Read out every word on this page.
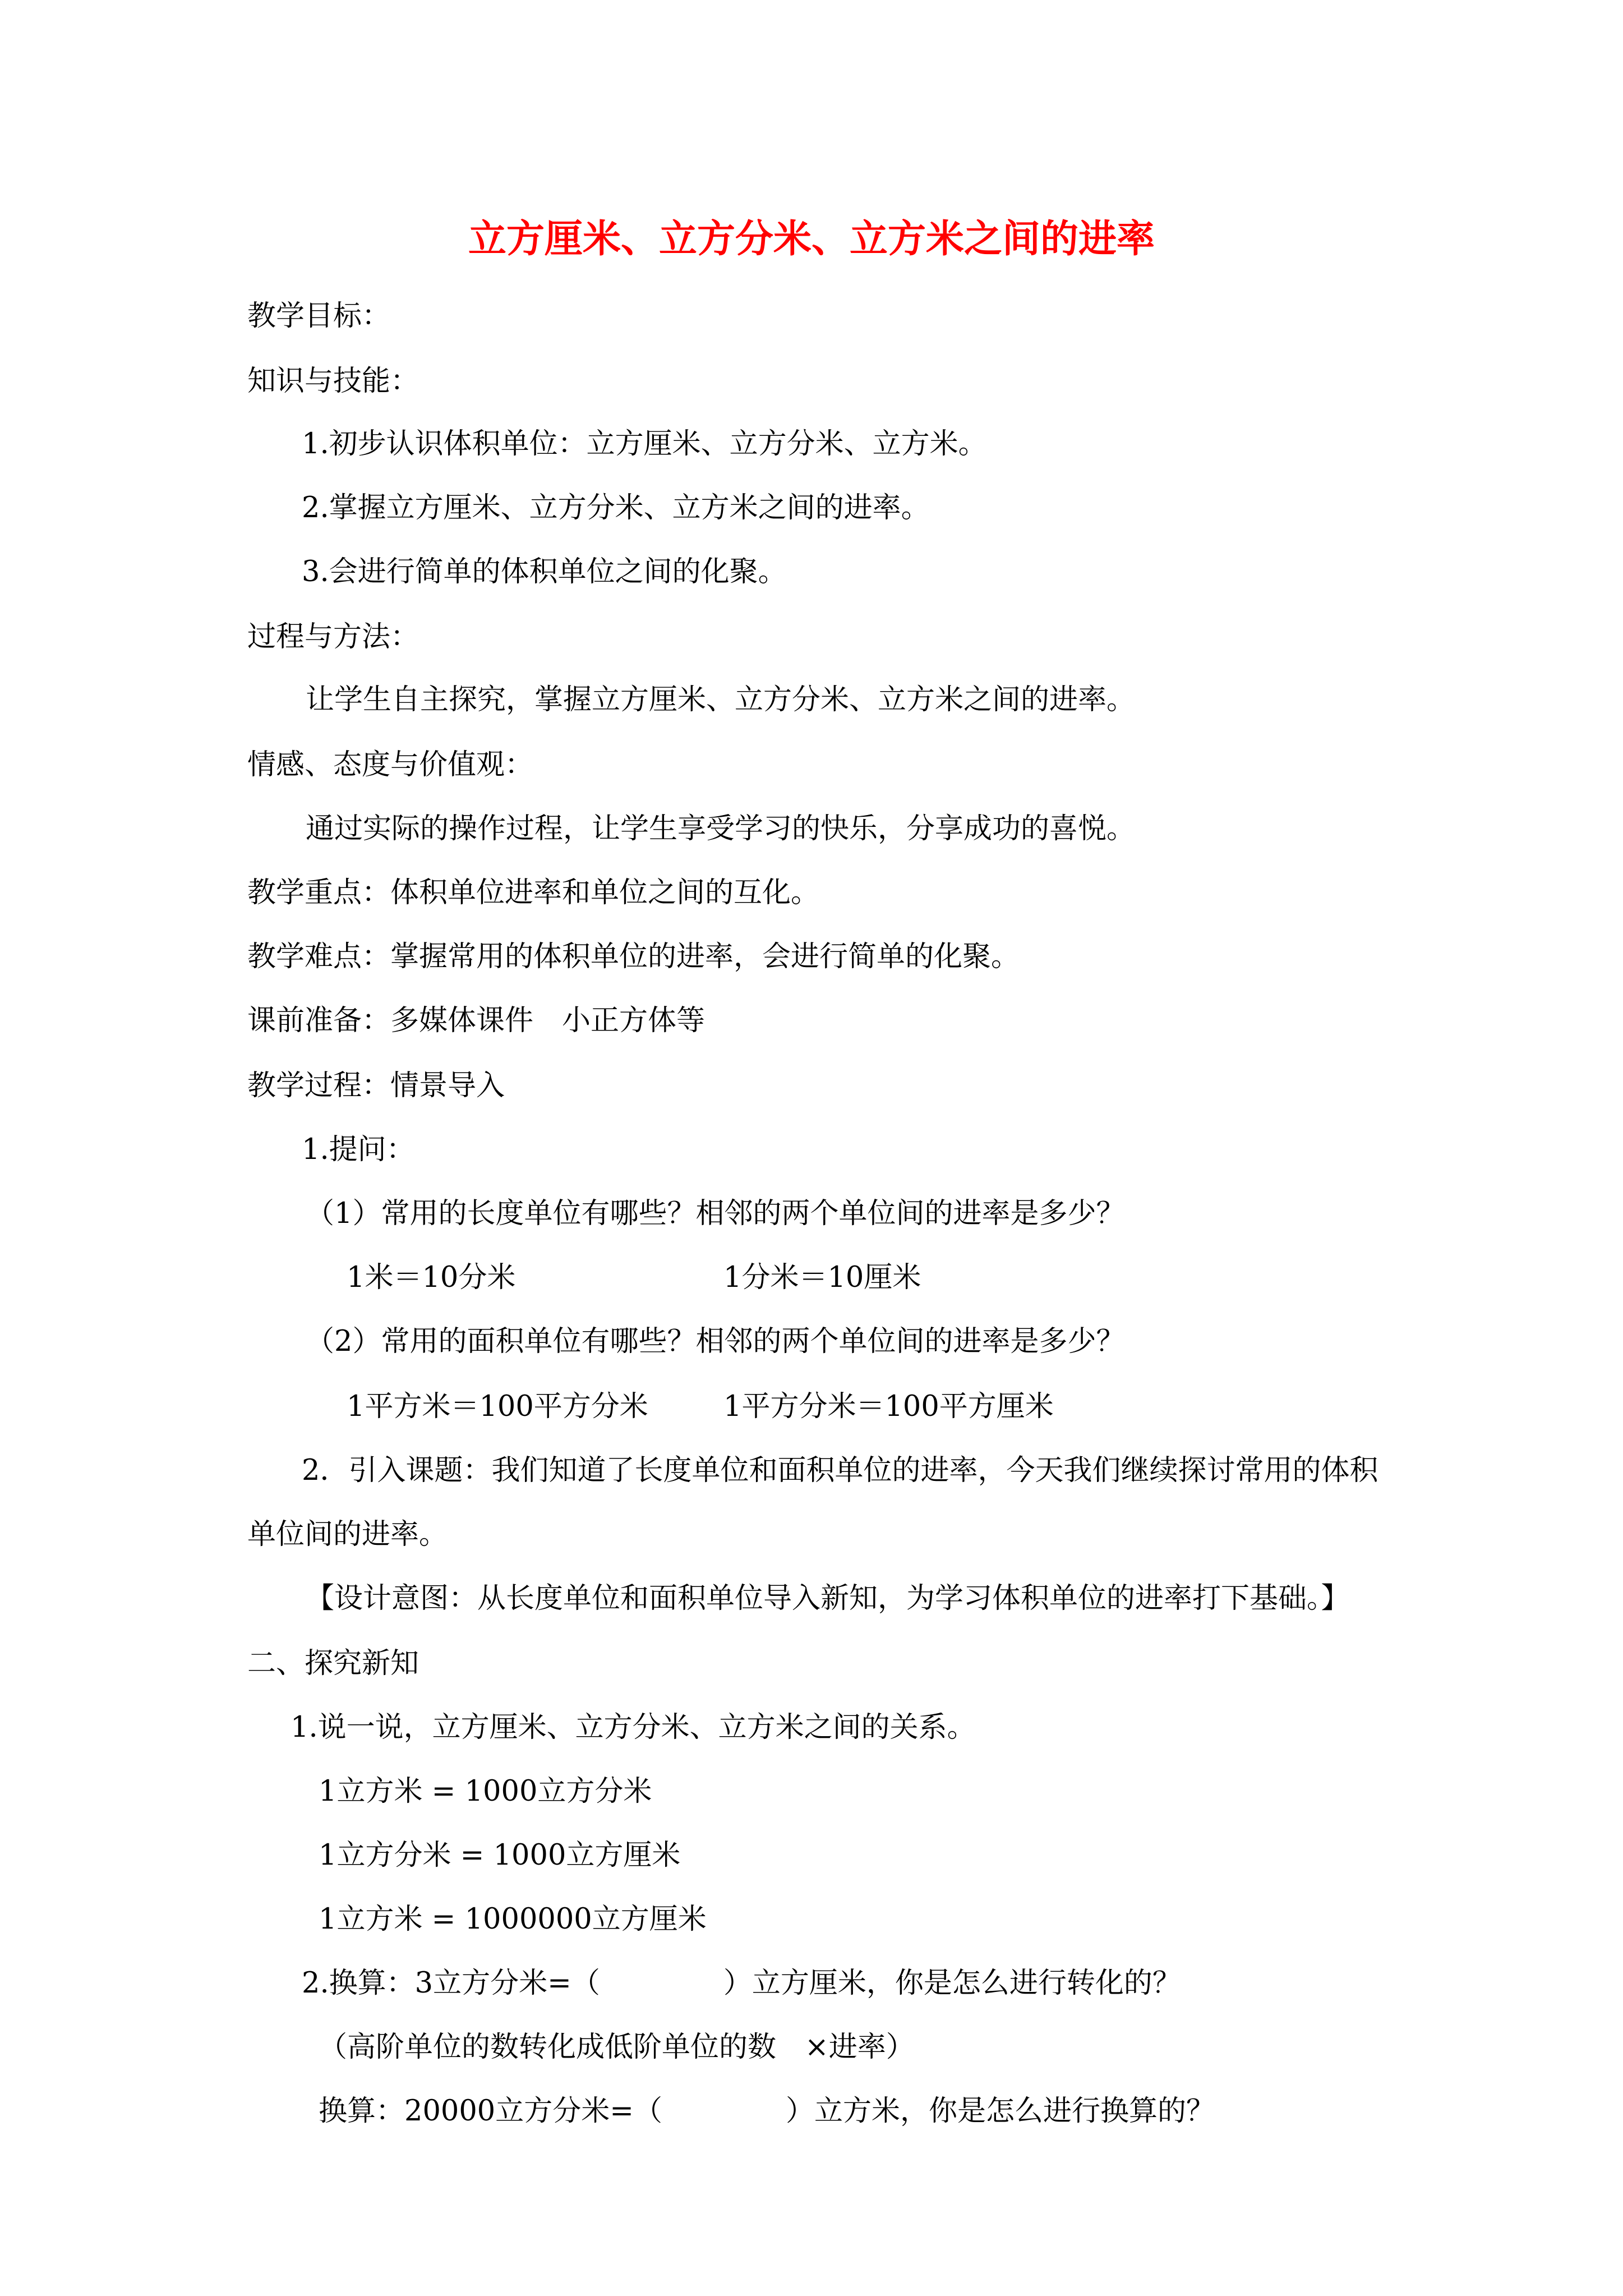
立方厘米、立方分米、立方米之间的进率
教学目标：
知识与技能：
1.初步认识体积单位：立方厘米、立方分米、立方米。
2.掌握立方厘米、立方分米、立方米之间的进率。
3.会进行简单的体积单位之间的化聚。
过程与方法：
让学生自主探究，掌握立方厘米、立方分米、立方米之间的进率。
情感、态度与价值观：
通过实际的操作过程，让学生享受学习的快乐，分享成功的喜悦。
教学重点：体积单位进率和单位之间的互化。
教学难点：掌握常用的体积单位的进率，会进行简单的化聚。
课前准备：多媒体课件　小正方体等
教学过程：情景导入
1.提问：
（1）常用的长度单位有哪些？相邻的两个单位间的进率是多少？
1米＝10分米	1分米＝10厘米
（2）常用的面积单位有哪些？相邻的两个单位间的进率是多少？
1平方米＝100平方分米	1平方分米＝100平方厘米
2．引入课题：我们知道了长度单位和面积单位的进率，今天我们继续探讨常用的体积
单位间的进率。
【设计意图：从长度单位和面积单位导入新知，为学习体积单位的进率打下基础。】
二、探究新知
1.说一说，立方厘米、立方分米、立方米之间的关系。
1立方米 = 1000立方分米
1立方分米 = 1000立方厘米
1立方米 = 1000000立方厘米
2.换算：3立方分米=（	）立方厘米，你是怎么进行转化的？
（高阶单位的数转化成低阶单位的数　×进率）
换算：20000立方分米=（	）立方米，你是怎么进行换算的？
